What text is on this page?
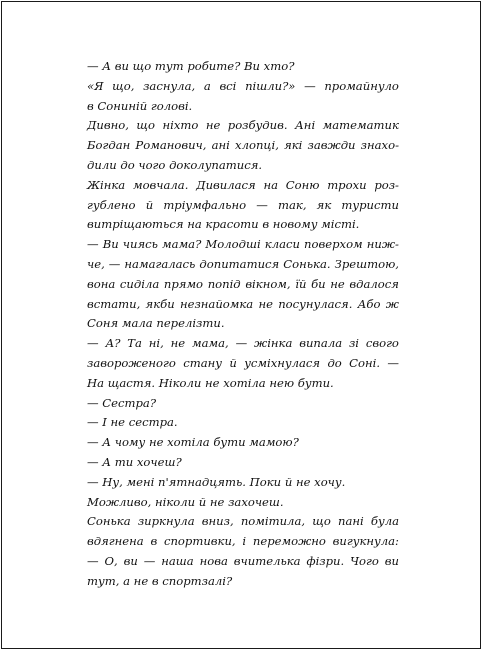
— А ви що тут робите? Ви хто?
«Я що, заснула, а всі пішли?» — промайнуло
в Сониній голові.
Дивно, що ніхто не розбудив. Ані математик
Богдан Романович, ані хлопці, які завжди знахо-
дили до чого доколупатися.
Жінка мовчала. Дивилася на Соню трохи роз-
гублено й тріумфально — так, як туристи
витріщаються на красоти в новому місті.
— Ви чиясь мама? Молодші класи поверхом ниж-
че, — намагалась допитатися Сонька. Зрештою,
вона сиділа прямо попід вікном, їй би не вдалося
встати, якби незнайомка не посунулася. Або ж
Соня мала перелізти.
— А? Та ні, не мама, — жінка випала зі свого
завороженого стану й усміхнулася до Соні. —
На щастя. Ніколи не хотіла нею бути.
— Сестра?
— І не сестра.
— А чому не хотіла бути мамою?
— А ти хочеш?
— Ну, мені п'ятнадцять. Поки й не хочу.
Можливо, ніколи й не захочеш.
Сонька зиркнула вниз, помітила, що пані була
вдягнена в спортивки, і переможно вигукнула:
— О, ви — наша нова вчителька фізри. Чого ви
тут, а не в спортзалі?
